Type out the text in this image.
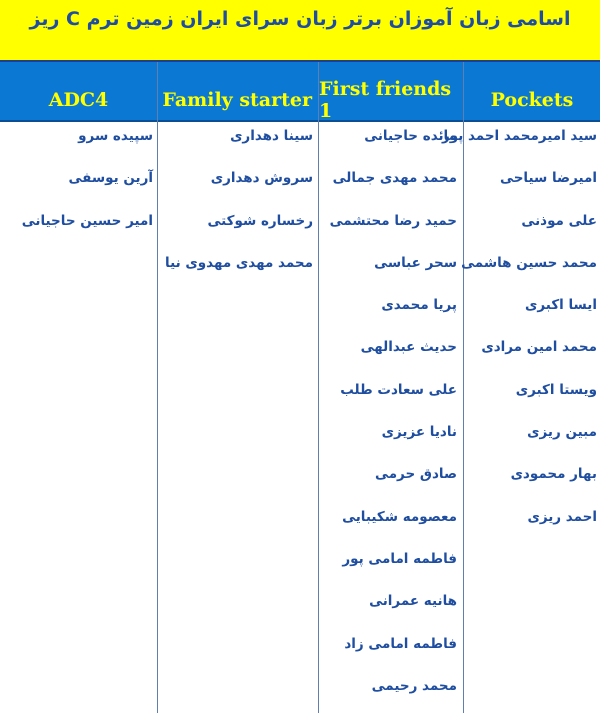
اسامی زبان آموزان برتر زبان سرای ایران زمین ترم C ریز
ADC4	Family starter First friends 1	Pockets
سید امیرمحمد احمد پور
امیرضا سیاحی
علی موذنی
محمد حسین هاشمی
ایسا اکبری
محمد امین مرادی
ویستا اکبری
مبین ریزی
بهار محمودی
احمد ریزی
مائده حاجیانی
محمد مهدی جمالی
حمید رضا محتشمی
سحر عباسی
پریا محمدی
حدیث عبدالهی
علی سعادت طلب
نادیا عزیزی
صادق حرمی
معصومه شکیبایی
فاطمه امامی پور
هانیه عمرانی
فاطمه امامی زاد
محمد رحیمی
سینا دهداری
سروش دهداری
رخساره شوکتی
محمد مهدی مهدوی نیا
سپیده سرو
آرین یوسفی
امیر حسین حاجیانی
